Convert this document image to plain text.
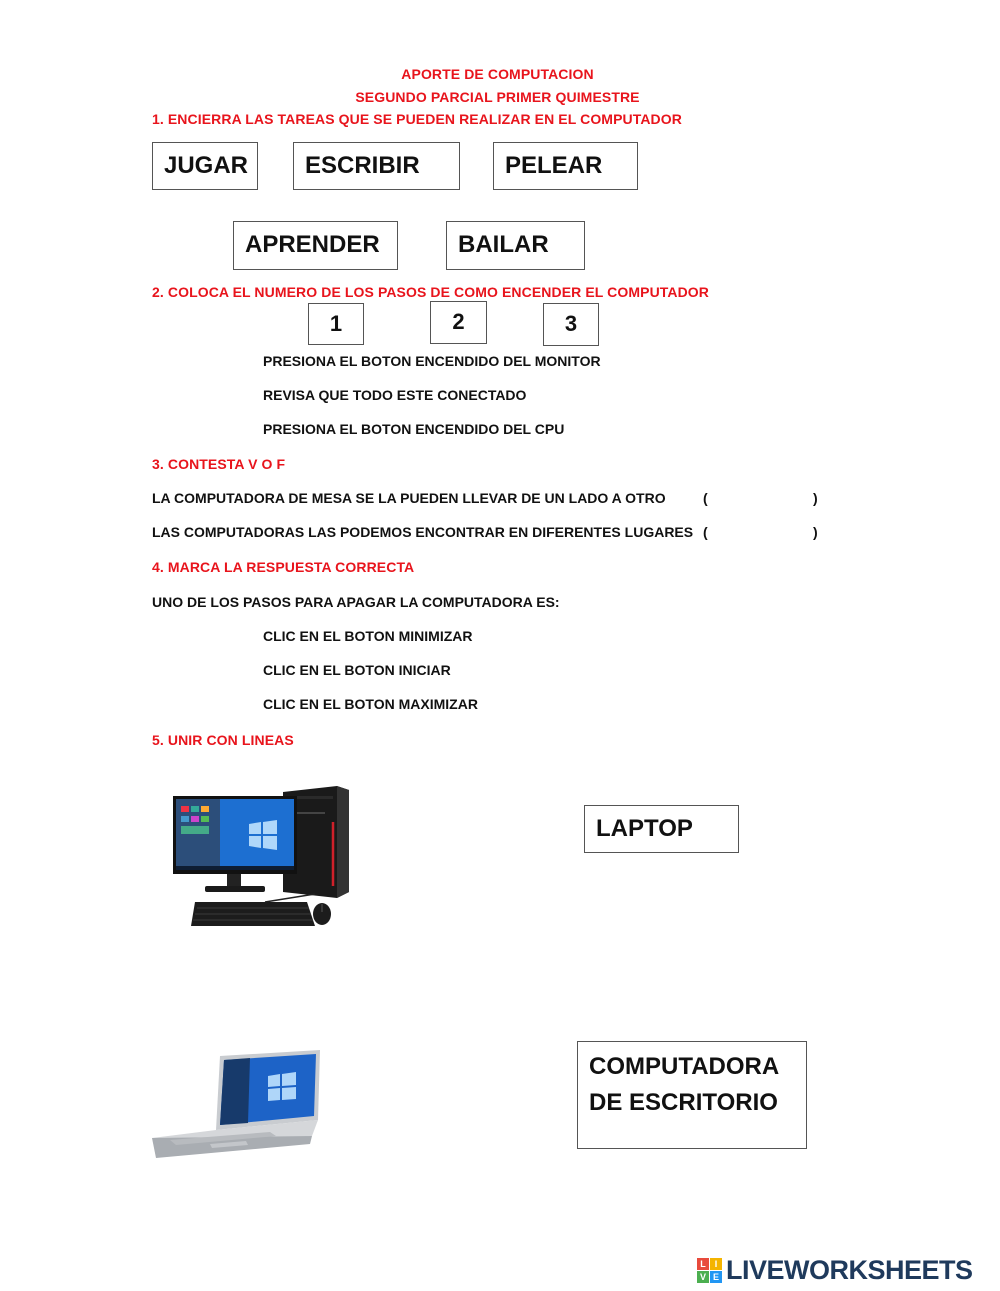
APORTE DE COMPUTACION
SEGUNDO PARCIAL PRIMER QUIMESTRE
1. ENCIERRA LAS TAREAS QUE SE PUEDEN REALIZAR EN EL COMPUTADOR
JUGAR	ESCRIBIR	PELEAR
APRENDER	BAILAR
2. COLOCA EL NUMERO DE LOS PASOS DE COMO ENCENDER EL COMPUTADOR
1	2	3
PRESIONA EL BOTON ENCENDIDO DEL MONITOR
REVISA QUE TODO ESTE CONECTADO
PRESIONA EL BOTON ENCENDIDO DEL CPU
3. CONTESTA V O F
LA COMPUTADORA DE MESA SE LA PUEDEN LLEVAR DE UN LADO A OTRO	(	)
LAS COMPUTADORAS LAS PODEMOS ENCONTRAR EN DIFERENTES LUGARES (	)
4. MARCA LA RESPUESTA CORRECTA
UNO DE LOS PASOS PARA APAGAR LA COMPUTADORA ES:
CLIC EN EL BOTON MINIMIZAR
CLIC EN EL BOTON INICIAR
CLIC EN EL BOTON MAXIMIZAR
5. UNIR CON LINEAS
LAPTOP
COMPUTADORA
DE ESCRITORIO
L I
V E LIVEWORKSHEETS
